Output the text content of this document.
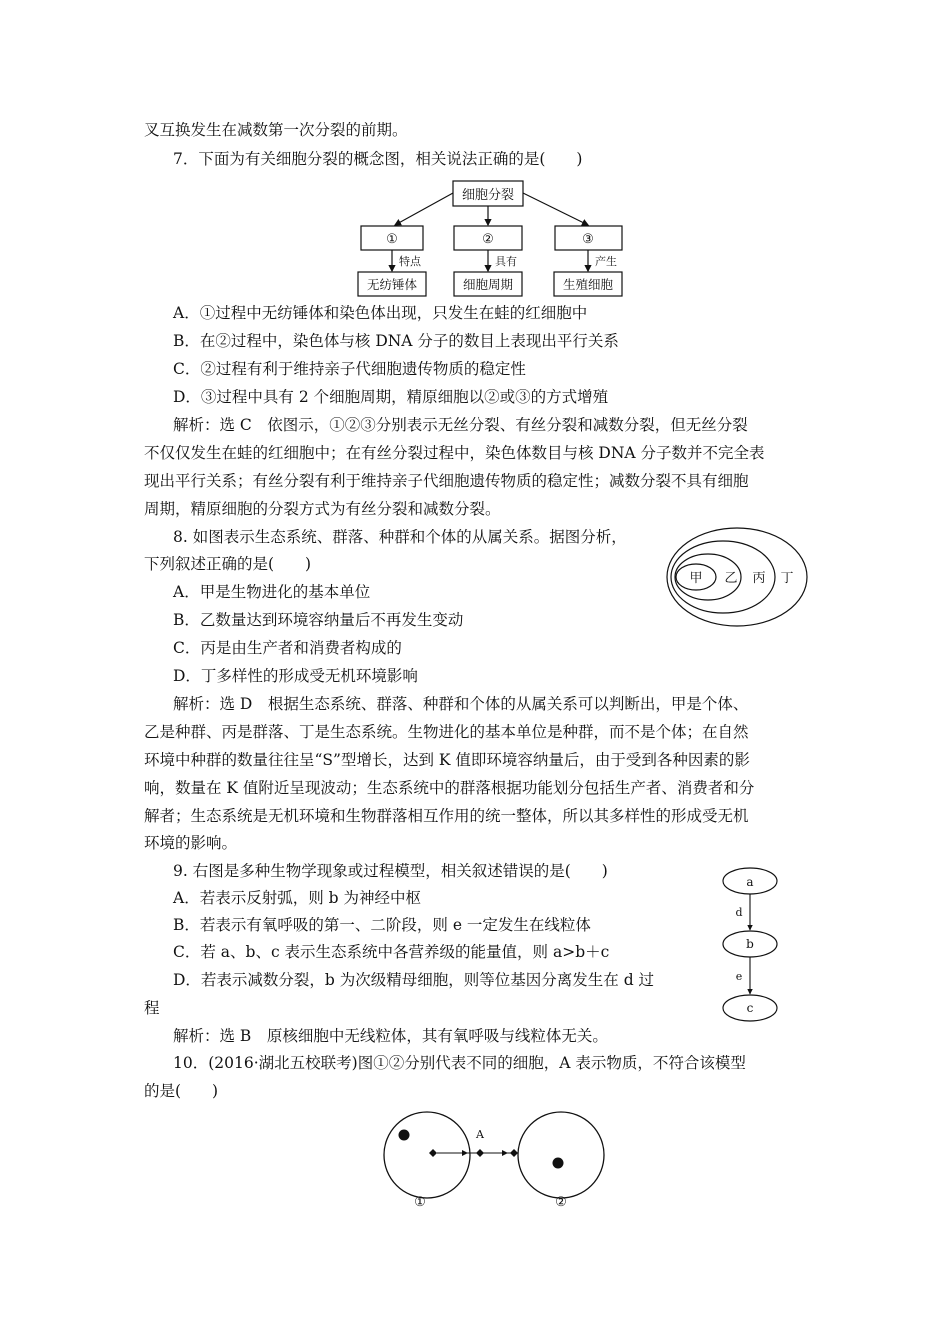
叉互换发生在减数第一次分裂的前期。
7．下面为有关细胞分裂的概念图，相关说法正确的是(　　)
细胞分裂
①	②	③
特点	具有	产生
无纺锤体	细胞周期	生殖细胞
A．①过程中无纺锤体和染色体出现，只发生在蛙的红细胞中
B．在②过程中，染色体与核 DNA 分子的数目上表现出平行关系
C．②过程有利于维持亲子代细胞遗传物质的稳定性
D．③过程中具有 2 个细胞周期，精原细胞以②或③的方式增殖
解析：选 C　依图示，①②③分别表示无丝分裂、有丝分裂和减数分裂，但无丝分裂
不仅仅发生在蛙的红细胞中；在有丝分裂过程中，染色体数目与核 DNA 分子数并不完全表
现出平行关系；有丝分裂有利于维持亲子代细胞遗传物质的稳定性；减数分裂不具有细胞
周期，精原细胞的分裂方式为有丝分裂和减数分裂。
8. 如图表示生态系统、群落、种群和个体的从属关系。据图分析，
下列叙述正确的是(　　)
甲 乙 丙 丁
A．甲是生物进化的基本单位
B．乙数量达到环境容纳量后不再发生变动
C．丙是由生产者和消费者构成的
D．丁多样性的形成受无机环境影响
解析：选 D　根据生态系统、群落、种群和个体的从属关系可以判断出，甲是个体、
乙是种群、丙是群落、丁是生态系统。生物进化的基本单位是种群，而不是个体；在自然
环境中种群的数量往往呈“S”型增长，达到 K 值即环境容纳量后，由于受到各种因素的影
响，数量在 K 值附近呈现波动；生态系统中的群落根据功能划分包括生产者、消费者和分
解者；生态系统是无机环境和生物群落相互作用的统一整体，所以其多样性的形成受无机
环境的影响。
9. 右图是多种生物学现象或过程模型，相关叙述错误的是(　　)
A．若表示反射弧，则 b 为神经中枢
B．若表示有氧呼吸的第一、二阶段，则 e 一定发生在线粒体
C．若 a、b、c 表示生态系统中各营养级的能量值，则 a>b＋c
D．若表示减数分裂，b 为次级精母细胞，则等位基因分离发生在 d 过
程
a
d
b
e
c
解析：选 B　原核细胞中无线粒体，其有氧呼吸与线粒体无关。
10．(2016·湖北五校联考)图①②分别代表不同的细胞，A 表示物质，不符合该模型
的是(　　)
A
①	②
